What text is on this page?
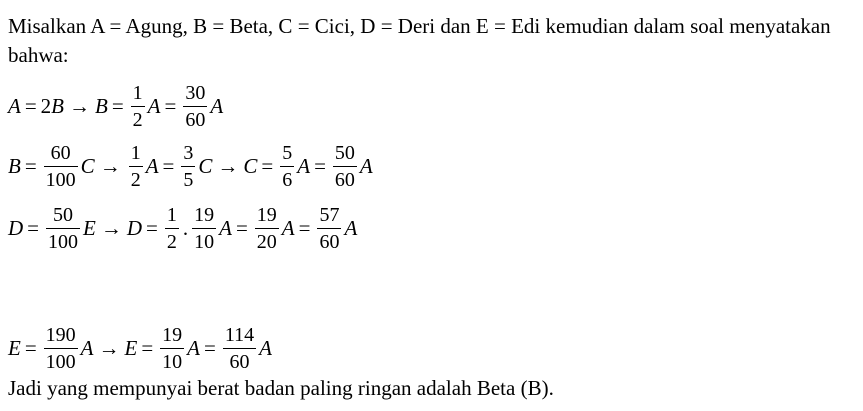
Misalkan A = Agung, B = Beta, C = Cici, D = Deri dan E = Edi kemudian dalam soal menyatakan bahwa:
A = 2 $B \to B = \frac{1}{2}$ $A = \frac{30}{60}$ A
$B = \frac{60}{100}$ $C \to \frac{1}{2}$ $A = \frac{3}{5}$ $C \to C = \frac{5}{6}$ $A = \frac{50}{60}$ A
$D = \frac{50}{100}$ $E \to D = \frac{1}{2}$ . $\frac{19}{10}$ $A = \frac{19}{20}$ $A = \frac{57}{60}$ A
$E = \frac{190}{100}$ $A \to E = \frac{19}{10}$ $A = \frac{114}{60}$ A
Jadi yang mempunyai berat badan paling ringan adalah Beta (B).
